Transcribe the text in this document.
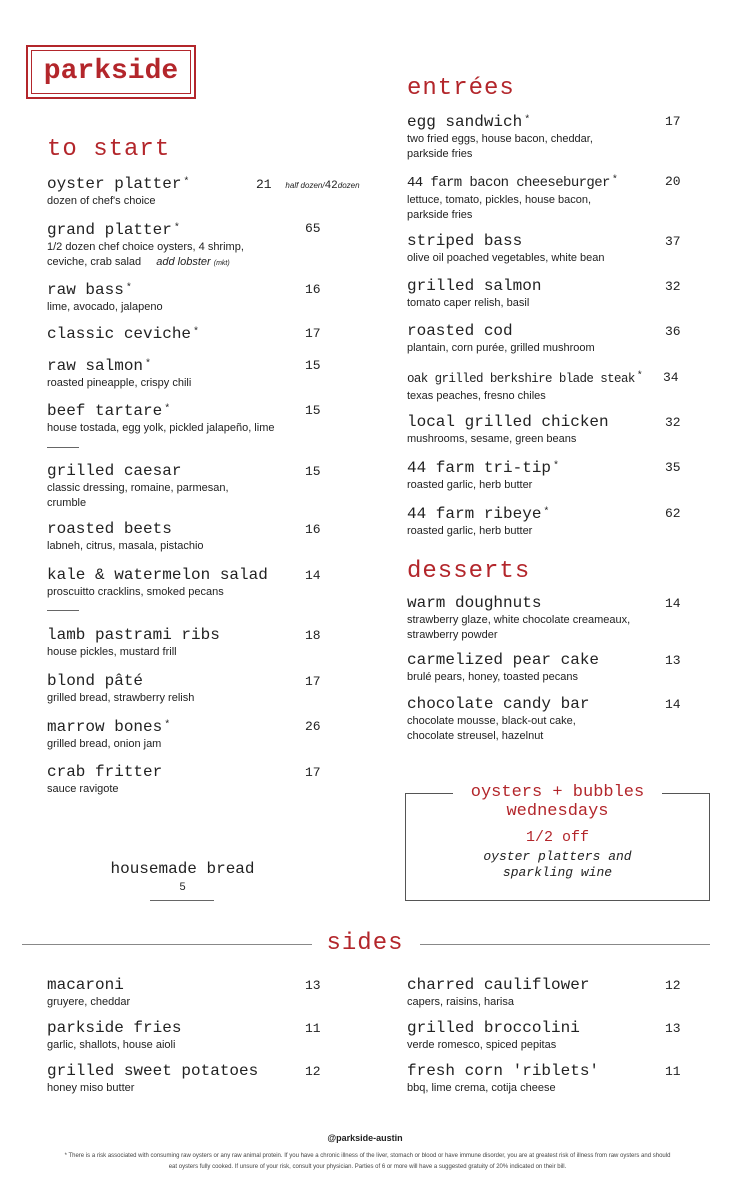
parkside
to start
oyster platter *
dozen of chef's choice
21 half dozen/42dozen
grand platter *
1/2 dozen chef choice oysters, 4 shrimp,
ceviche, crab salad add lobster (mkt)
65
raw bass *
lime, avocado, jalapeno
16
classic ceviche *	17
raw salmon *
roasted pineapple, crispy chili
15
beef tartare *
house tostada, egg yolk, pickled jalapeño, lime
15
grilled caesar
classic dressing, romaine, parmesan,
crumble
15
roasted beets
labneh, citrus, masala, pistachio
16
kale & watermelon salad
proscuitto cracklins, smoked pecans
14
lamb pastrami ribs
house pickles, mustard frill
18
blond pâté
grilled bread, strawberry relish
17
marrow bones *
grilled bread, onion jam
26
crab fritter
sauce ravigote
17
housemade bread
5
entrées
egg sandwich *
two fried eggs, house bacon, cheddar,
parkside fries
17
44 farm bacon cheeseburger *
lettuce, tomato, pickles, house bacon,
parkside fries
20
striped bass
olive oil poached vegetables, white bean
37
grilled salmon
tomato caper relish, basil
32
roasted cod
plantain, corn purée, grilled mushroom
36
oak grilled berkshire blade steak *
texas peaches, fresno chiles
34
local grilled chicken
mushrooms, sesame, green beans
32
44 farm tri-tip *
roasted garlic, herb butter
35
44 farm ribeye *
roasted garlic, herb butter
62
desserts
warm doughnuts
strawberry glaze, white chocolate creameaux,
strawberry powder
14
carmelized pear cake
brulé pears, honey, toasted pecans
13
chocolate candy bar
chocolate mousse, black-out cake,
chocolate streusel, hazelnut
14
oysters + bubbles
wednesdays
1/2 off
oyster platters and
sparkling wine
sides
macaroni
gruyere, cheddar
13
parkside fries
garlic, shallots, house aioli
11
grilled sweet potatoes
honey miso butter
12
charred cauliflower
capers, raisins, harisa
12
grilled broccolini
verde romesco, spiced pepitas
13
fresh corn 'riblets'
bbq, lime crema, cotija cheese
11
@parkside-austin
* There is a risk associated with consuming raw oysters or any raw animal protein. If you have a chronic illness of the liver, stomach or blood or have immune disorder, you are at greatest risk of illness from raw oysters and should eat oysters fully cooked. If unsure of your risk, consult your physician. Parties of 6 or more will have a suggested gratuity of 20% indicated on their bill.
